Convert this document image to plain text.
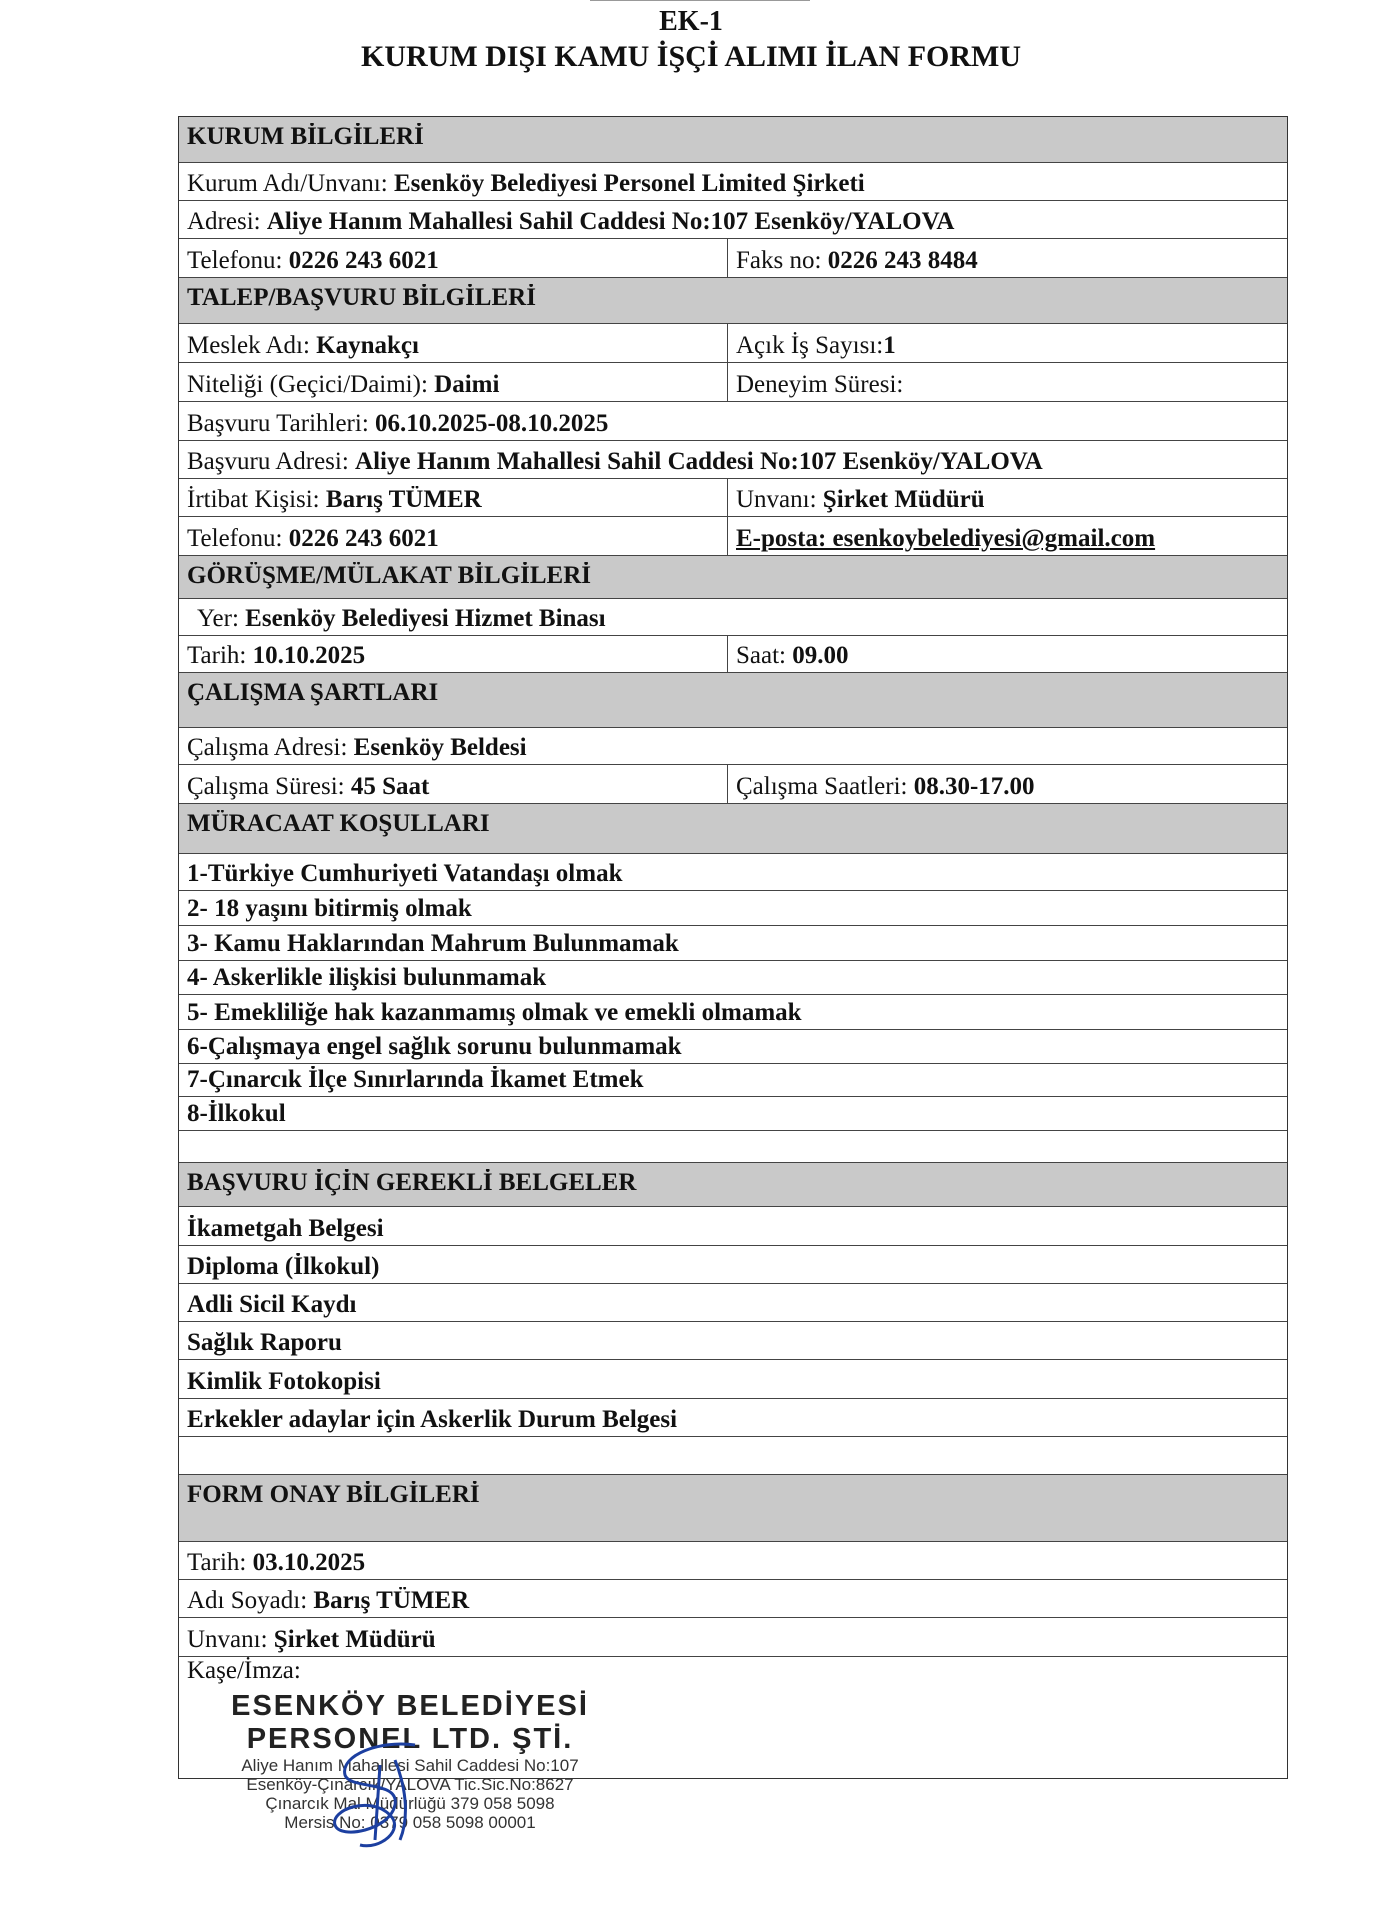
EK-1
KURUM DIŞI KAMU İŞÇİ ALIMI İLAN FORMU
KURUM BİLGİLERİ
Kurum Adı/Unvanı: Esenköy Belediyesi Personel Limited Şirketi
Adresi: Aliye Hanım Mahallesi Sahil Caddesi No:107 Esenköy/YALOVA
Telefonu: 0226 243 6021	Faks no: 0226 243 8484
TALEP/BAŞVURU BİLGİLERİ
Meslek Adı: Kaynakçı	Açık İş Sayısı:1
Niteliği (Geçici/Daimi): Daimi	Deneyim Süresi:
Başvuru Tarihleri: 06.10.2025-08.10.2025
Başvuru Adresi: Aliye Hanım Mahallesi Sahil Caddesi No:107 Esenköy/YALOVA
İrtibat Kişisi: Barış TÜMER	Unvanı: Şirket Müdürü
Telefonu: 0226 243 6021	E-posta: esenkoybelediyesi@gmail.com
GÖRÜŞME/MÜLAKAT BİLGİLERİ
Yer: Esenköy Belediyesi Hizmet Binası
Tarih: 10.10.2025	Saat: 09.00
ÇALIŞMA ŞARTLARI
Çalışma Adresi: Esenköy Beldesi
Çalışma Süresi: 45 Saat	Çalışma Saatleri: 08.30-17.00
MÜRACAAT KOŞULLARI
1-Türkiye Cumhuriyeti Vatandaşı olmak
2- 18 yaşını bitirmiş olmak
3- Kamu Haklarından Mahrum Bulunmamak
4- Askerlikle ilişkisi bulunmamak
5- Emekliliğe hak kazanmamış olmak ve emekli olmamak
6-Çalışmaya engel sağlık sorunu bulunmamak
7-Çınarcık İlçe Sınırlarında İkamet Etmek
8-İlkokul
BAŞVURU İÇİN GEREKLİ BELGELER
İkametgah Belgesi
Diploma (İlkokul)
Adli Sicil Kaydı
Sağlık Raporu
Kimlik Fotokopisi
Erkekler adaylar için Askerlik Durum Belgesi
FORM ONAY BİLGİLERİ
Tarih: 03.10.2025
Adı Soyadı: Barış TÜMER
Unvanı: Şirket Müdürü
Kaşe/İmza:
ESENKÖY BELEDİYESİ
PERSONEL LTD. ŞTİ.
Aliye Hanım Mahallesi Sahil Caddesi No:107
Esenköy-Çınarcık/YALOVA Tic.Sic.No:8627
Çınarcık Mal Müdürlüğü 379 058 5098
Mersis No: 0379 058 5098 00001
